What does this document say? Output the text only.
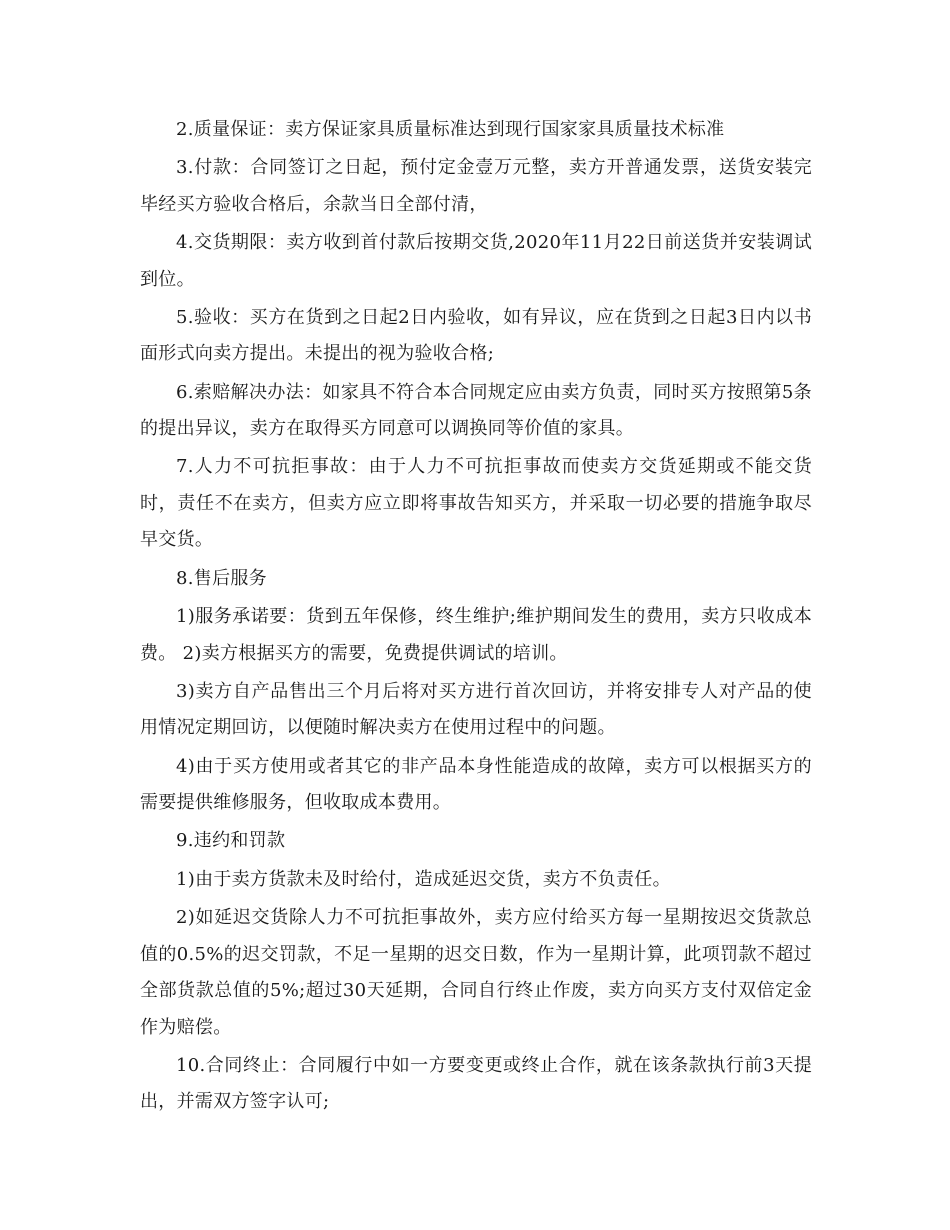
2.质量保证：卖方保证家具质量标准达到现行国家家具质量技术标准

3.付款：合同签订之日起，预付定金壹万元整，卖方开普通发票，送货安装完毕经买方验收合格后，余款当日全部付清，

4.交货期限：卖方收到首付款后按期交货,2020年11月22日前送货并安装调试到位。

5.验收：买方在货到之日起2日内验收，如有异议，应在货到之日起3日内以书面形式向卖方提出。未提出的视为验收合格;

6.索赔解决办法：如家具不符合本合同规定应由卖方负责，同时买方按照第5条的提出异议，卖方在取得买方同意可以调换同等价值的家具。

7.人力不可抗拒事故：由于人力不可抗拒事故而使卖方交货延期或不能交货时，责任不在卖方，但卖方应立即将事故告知买方，并采取一切必要的措施争取尽早交货。

8.售后服务

1)服务承诺要：货到五年保修，终生维护;维护期间发生的费用，卖方只收成本费。 2)卖方根据买方的需要，免费提供调试的培训。

3)卖方自产品售出三个月后将对买方进行首次回访，并将安排专人对产品的使用情况定期回访，以便随时解决卖方在使用过程中的问题。

4)由于买方使用或者其它的非产品本身性能造成的故障，卖方可以根据买方的需要提供维修服务，但收取成本费用。

9.违约和罚款

1)由于卖方货款未及时给付，造成延迟交货，卖方不负责任。

2)如延迟交货除人力不可抗拒事故外，卖方应付给买方每一星期按迟交货款总值的0.5%的迟交罚款，不足一星期的迟交日数，作为一星期计算，此项罚款不超过全部货款总值的5%;超过30天延期，合同自行终止作废，卖方向买方支付双倍定金作为赔偿。

10.合同终止：合同履行中如一方要变更或终止合作，就在该条款执行前3天提出，并需双方签字认可;
